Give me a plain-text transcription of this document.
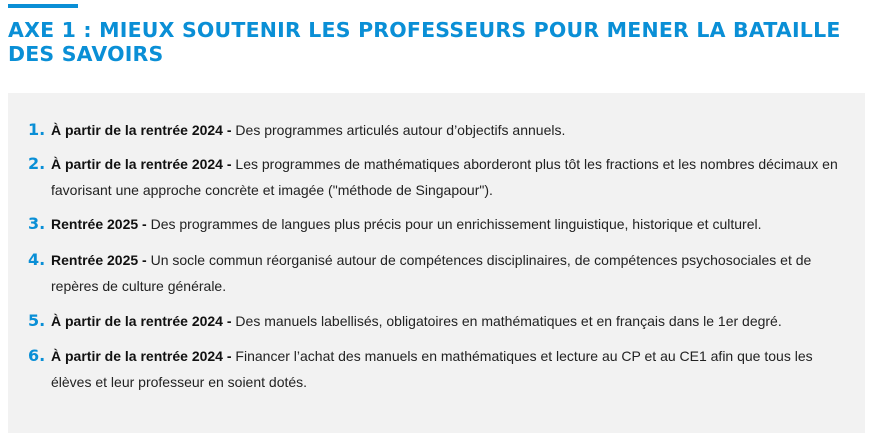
AXE 1 : MIEUX SOUTENIR LES PROFESSEURS POUR MENER LA BATAILLE DES SAVOIRS
1. À partir de la rentrée 2024 - Des programmes articulés autour d’objectifs annuels.
2. À partir de la rentrée 2024 - Les programmes de mathématiques aborderont plus tôt les fractions et les nombres décimaux en favorisant une approche concrète et imagée ("méthode de Singapour").
3. Rentrée 2025 - Des programmes de langues plus précis pour un enrichissement linguistique, historique et culturel.
4. Rentrée 2025 - Un socle commun réorganisé autour de compétences disciplinaires, de compétences psychosociales et de repères de culture générale.
5. À partir de la rentrée 2024 - Des manuels labellisés, obligatoires en mathématiques et en français dans le 1er degré.
6. À partir de la rentrée 2024 - Financer l’achat des manuels en mathématiques et lecture au CP et au CE1 afin que tous les élèves et leur professeur en soient dotés.
